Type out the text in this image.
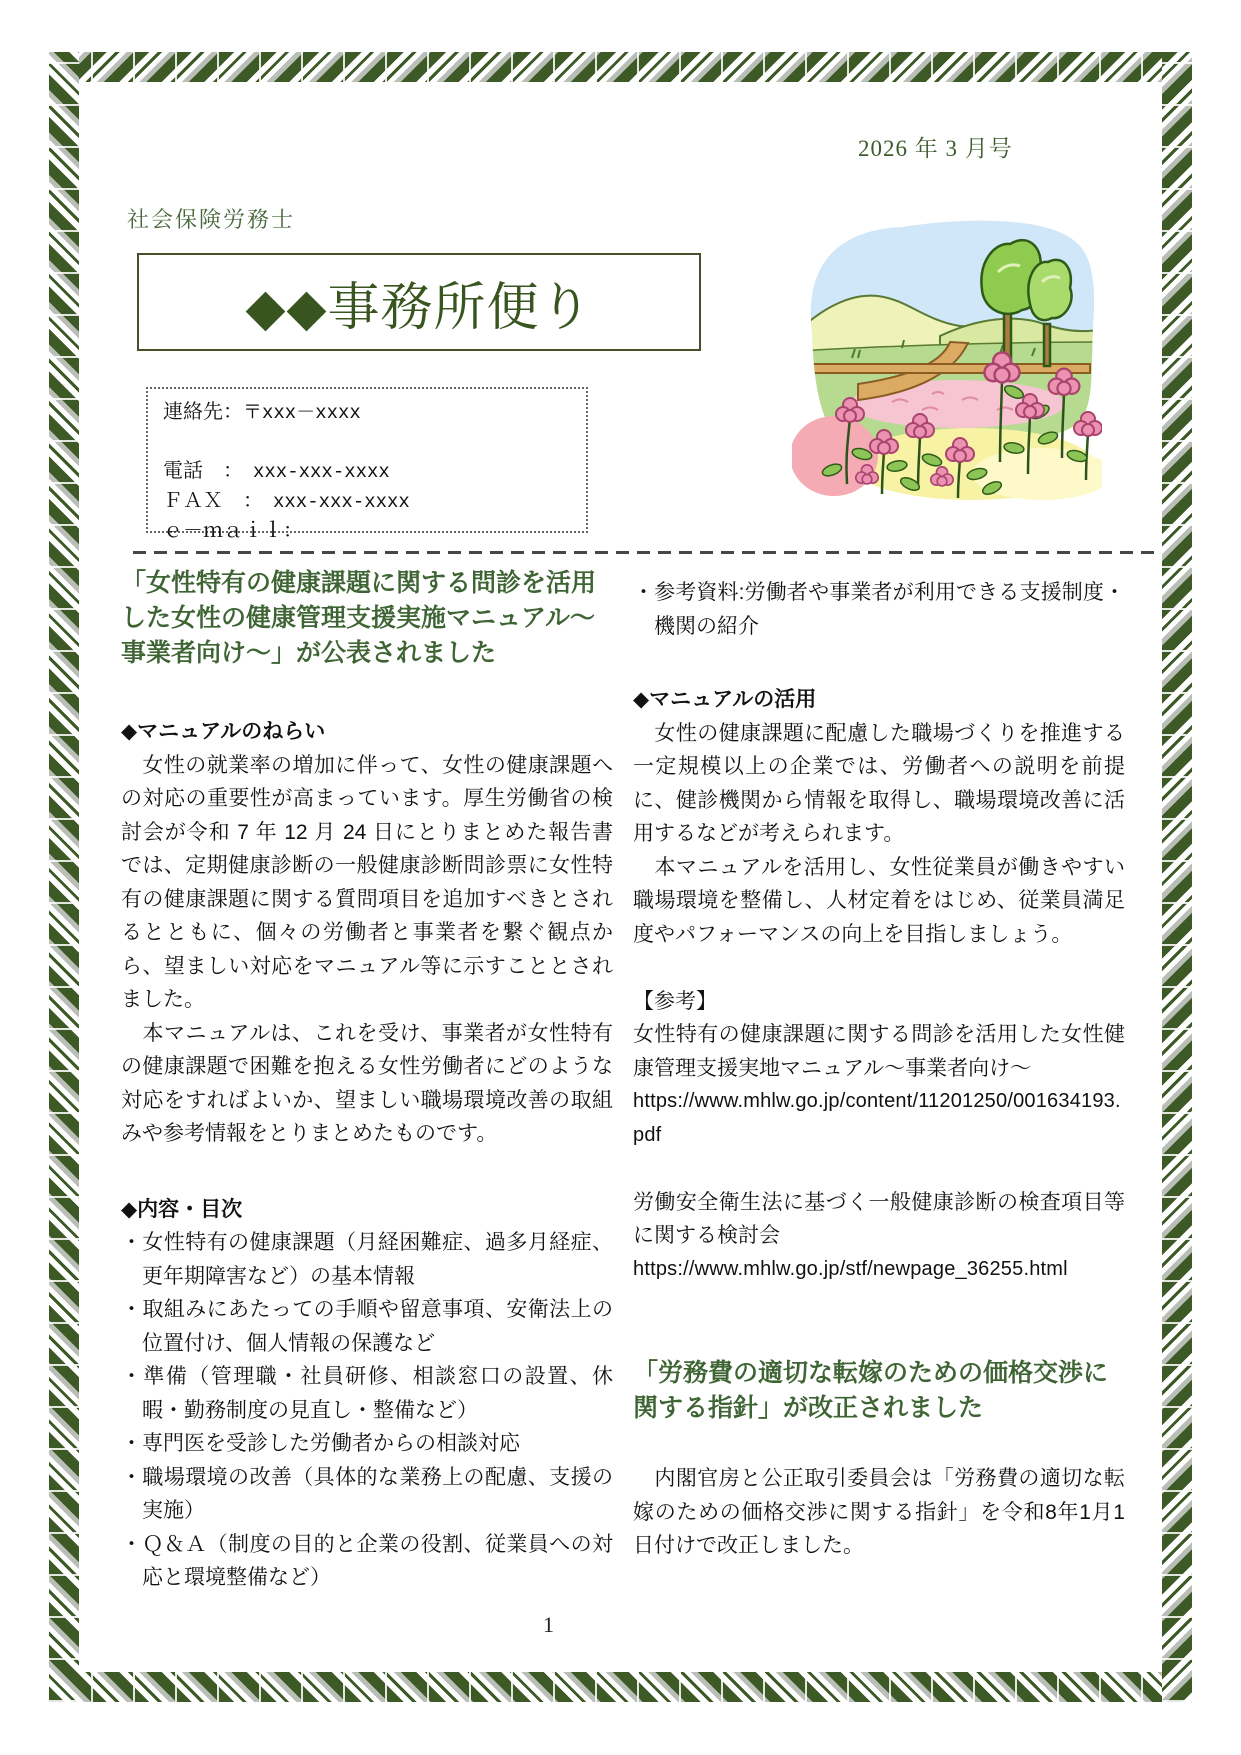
2026 年 3 月号
社会保険労務士
◆◆事務所便り
連絡先：〒xxx－xxxx
電話　：　xxx-xxx-xxxx
ＦＡＸ　：　xxx-xxx-xxxx
ｅ－ｍａｉｌ：
「女性特有の健康課題に関する問診を活用した女性の健康管理支援実施マニュアル～事業者向け～」が公表されました
◆マニュアルのねらい

　女性の就業率の増加に伴って、女性の健康課題への対応の重要性が高まっています。厚生労働省の検討会が令和 7 年 12 月 24 日にとりまとめた報告書では、定期健康診断の一般健康診断問診票に女性特有の健康課題に関する質問項目を追加すべきとされるとともに、個々の労働者と事業者を繋ぐ観点から、望ましい対応をマニュアル等に示すこととされました。

　本マニュアルは、これを受け、事業者が女性特有の健康課題で困難を抱える女性労働者にどのような対応をすればよいか、望ましい職場環境改善の取組みや参考情報をとりまとめたものです。

◆内容・目次
・女性特有の健康課題（月経困難症、過多月経症、更年期障害など）の基本情報
・取組みにあたっての手順や留意事項、安衛法上の位置付け、個人情報の保護など
・準備（管理職・社員研修、相談窓口の設置、休暇・勤務制度の見直し・整備など）
・専門医を受診した労働者からの相談対応
・職場環境の改善（具体的な業務上の配慮、支援の実施）
・Ｑ＆Ａ（制度の目的と企業の役割、従業員への対応と環境整備など）
・参考資料:労働者や事業者が利用できる支援制度・機関の紹介
◆マニュアルの活用

　女性の健康課題に配慮した職場づくりを推進する一定規模以上の企業では、労働者への説明を前提に、健診機関から情報を取得し、職場環境改善に活用するなどが考えられます。

　本マニュアルを活用し、女性従業員が働きやすい職場環境を整備し、人材定着をはじめ、従業員満足度やパフォーマンスの向上を目指しましょう。

【参考】
女性特有の健康課題に関する問診を活用した女性健康管理支援実地マニュアル～事業者向け～
https://www.mhlw.go.jp/content/11201250/001634193.pdf
労働安全衛生法に基づく一般健康診断の検査項目等に関する検討会
https://www.mhlw.go.jp/stf/newpage_36255.html
「労務費の適切な転嫁のための価格交渉に関する指針」が改正されました

　内閣官房と公正取引委員会は「労務費の適切な転嫁のための価格交渉に関する指針」を令和8年1月1日付けで改正しました。

1
